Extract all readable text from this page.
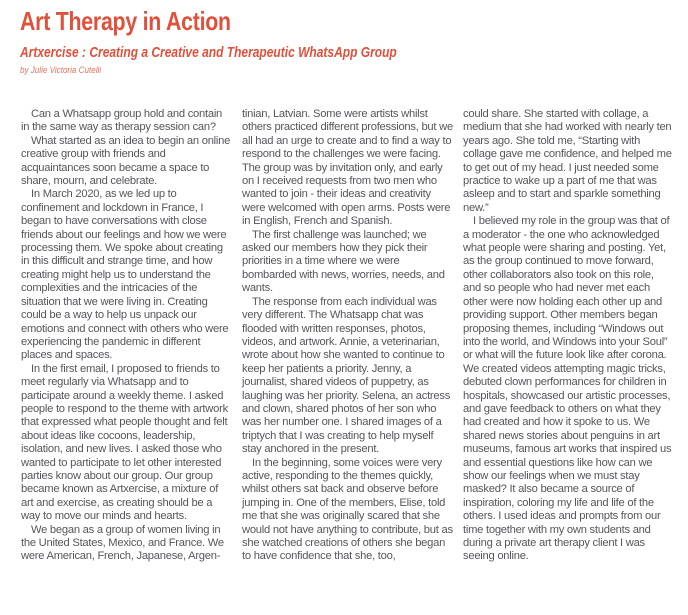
Art Therapy in Action
Artxercise : Creating a Creative and Therapeutic WhatsApp Group
by Julie Victoria Cutelli

Can a Whatsapp group hold and contain in the same way as therapy session can?

What started as an idea to begin an online creative group with friends and acquaintances soon became a space to share, mourn, and celebrate.

In March 2020, as we led up to confinement and lockdown in France, I began to have conversations with close friends about our feelings and how we were processing them. We spoke about creating in this difficult and strange time, and how creating might help us to understand the complexities and the intricacies of the situation that we were living in. Creating could be a way to help us unpack our emotions and connect with others who were experiencing the pandemic in different places and spaces.

In the first email, I proposed to friends to meet regularly via Whatsapp and to participate around a weekly theme. I asked people to respond to the theme with artwork that expressed what people thought and felt about ideas like cocoons, leadership, isolation, and new lives. I asked those who wanted to participate to let other interested parties know about our group. Our group became known as Artxercise, a mixture of art and exercise, as creating should be a way to move our minds and hearts.

We began as a group of women living in the United States, Mexico, and France. We were American, French, Japanese, Argen-

tinian, Latvian. Some were artists whilst others practiced different professions, but we all had an urge to create and to find a way to respond to the challenges we were facing. The group was by invitation only, and early on I received requests from two men who wanted to join - their ideas and creativity were welcomed with open arms. Posts were in English, French and Spanish.

The first challenge was launched; we asked our members how they pick their priorities in a time where we were bombarded with news, worries, needs, and wants.

The response from each individual was very different. The Whatsapp chat was flooded with written responses, photos, videos, and artwork. Annie, a veterinarian, wrote about how she wanted to continue to keep her patients a priority. Jenny, a journalist, shared videos of puppetry, as laughing was her priority. Selena, an actress and clown, shared photos of her son who was her number one. I shared images of a triptych that I was creating to help myself stay anchored in the present.

In the beginning, some voices were very active, responding to the themes quickly, whilst others sat back and observe before jumping in. One of the members, Elise, told me that she was originally scared that she would not have anything to contribute, but as she watched creations of others she began to have confidence that she, too,

could share. She started with collage, a medium that she had worked with nearly ten years ago. She told me, “Starting with collage gave me confidence, and helped me to get out of my head. I just needed some practice to wake up a part of me that was asleep and to start and sparkle something new.”

I believed my role in the group was that of a moderator - the one who acknowledged what people were sharing and posting. Yet, as the group continued to move forward, other collaborators also took on this role, and so people who had never met each other were now holding each other up and providing support. Other members began proposing themes, including “Windows out into the world, and Windows into your Soul” or what will the future look like after corona. We created videos attempting magic tricks, debuted clown performances for children in hospitals, showcased our artistic processes, and gave feedback to others on what they had created and how it spoke to us. We shared news stories about penguins in art museums, famous art works that inspired us and essential questions like how can we show our feelings when we must stay masked? It also became a source of inspiration, coloring my life and life of the others. I used ideas and prompts from our time together with my own students and during a private art therapy client I was seeing online.
